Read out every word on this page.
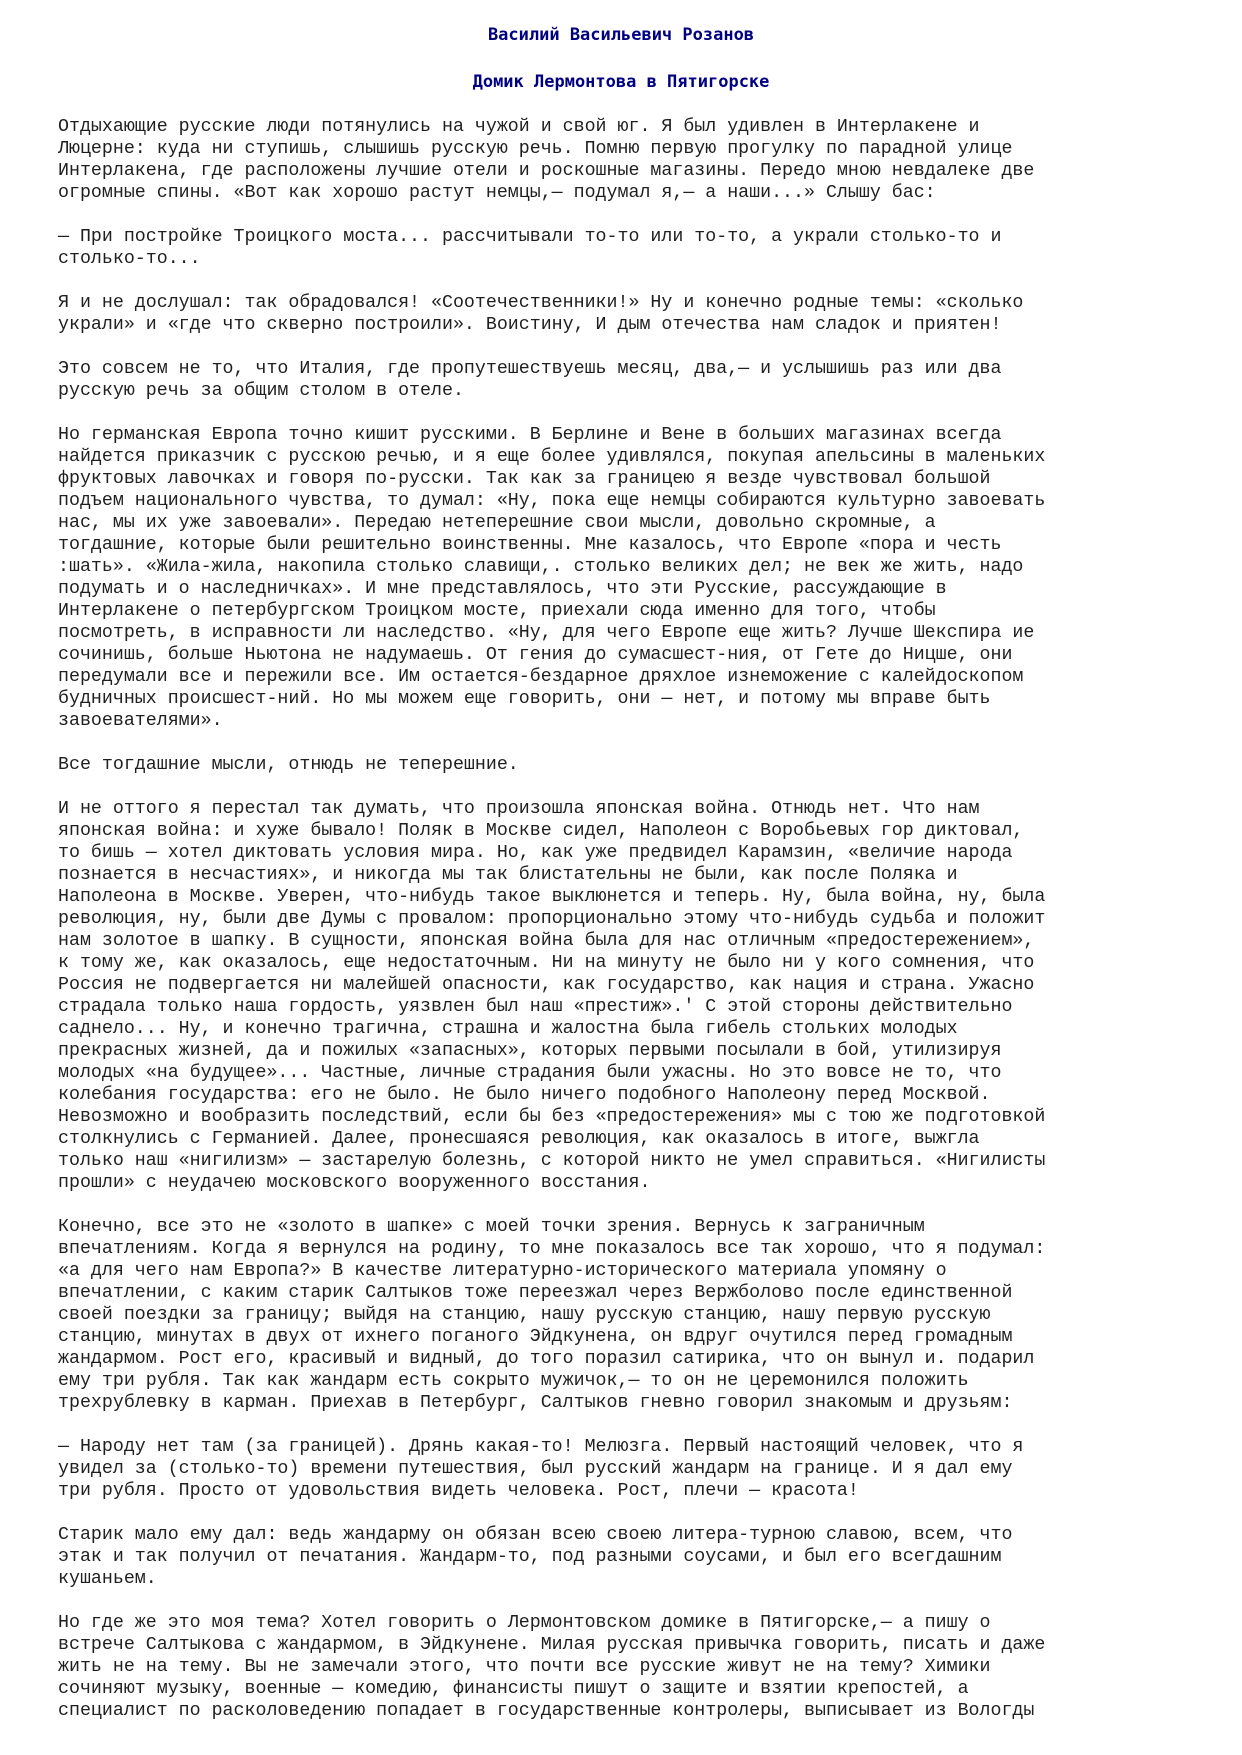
Василий Васильевич Розанов
Домик Лермонтова в Пятигорске

Отдыхающие русские люди потянулись на чужой и свой юг. Я был удивлен в Интерлакене и
Люцерне: куда ни ступишь, слышишь русскую речь. Помню первую прогулку по парадной улице
Интерлакена, где расположены лучшие отели и роскошные магазины. Передо мною невдалеке две
огромные спины. «Вот как хорошо растут немцы,— подумал я,— а наши...» Слышу бас:

— При постройке Троицкого моста... рассчитывали то-то или то-то, а украли столько-то и
столько-то...

Я и не дослушал: так обрадовался! «Соотечественники!» Ну и конечно родные темы: «сколько
украли» и «где что скверно построили». Воистину, И дым отечества нам сладок и приятен!

Это совсем не то, что Италия, где пропутешествуешь месяц, два,— и услышишь раз или два
русскую речь за общим столом в отеле.

Но германская Европа точно кишит русскими. В Берлине и Вене в больших магазинах всегда
найдется приказчик с русскою речью, и я еще более удивлялся, покупая апельсины в маленьких
фруктовых лавочках и говоря по-русски. Так как за границею я везде чувствовал большой
подъем национального чувства, то думал: «Ну, пока еще немцы собираются культурно завоевать
нас, мы их уже завоевали». Передаю нетеперешние свои мысли, довольно скромные, а
тогдашние, которые были решительно воинственны. Мне казалось, что Европе «пора и честь
:шать». «Жила-жила, накопила столько славищи,. столько великих дел; не век же жить, надо
подумать и о наследничках». И мне представлялось, что эти Русские, рассуждающие в
Интерлакене о петербургском Троицком мосте, приехали сюда именно для того, чтобы
посмотреть, в исправности ли наследство. «Ну, для чего Европе еще жить? Лучше Шекспира ие
сочинишь, больше Ньютона не надумаешь. От гения до сумасшест-ния, от Гете до Ницше, они
передумали все и пережили все. Им остается-бездарное дряхлое изнеможение с калейдоскопом
будничных происшест-ний. Но мы можем еще говорить, они — нет, и потому мы вправе быть
завоевателями».

Все тогдашние мысли, отнюдь не теперешние.

И не оттого я перестал так думать, что произошла японская война. Отнюдь нет. Что нам
японская война: и хуже бывало! Поляк в Москве сидел, Наполеон с Воробьевых гор диктовал,
то бишь — хотел диктовать условия мира. Но, как уже предвидел Карамзин, «величие народа
познается в несчастиях», и никогда мы так блистательны не были, как после Поляка и
Наполеона в Москве. Уверен, что-нибудь такое выклюнется и теперь. Ну, была война, ну, была
революция, ну, были две Думы с провалом: пропорционально этому что-нибудь судьба и положит
нам золотое в шапку. В сущности, японская война была для нас отличным «предостережением»,
к тому же, как оказалось, еще недостаточным. Ни на минуту не было ни у кого сомнения, что
Россия не подвергается ни малейшей опасности, как государство, как нация и страна. Ужасно
страдала только наша гордость, уязвлен был наш «престиж».' С этой стороны действительно
саднело... Ну, и конечно трагична, страшна и жалостна была гибель стольких молодых
прекрасных жизней, да и пожилых «запасных», которых первыми посылали в бой, утилизируя
молодых «на будущее»... Частные, личные страдания были ужасны. Но это вовсе не то, что
колебания государства: его не было. Не было ничего подобного Наполеону перед Москвой.
Невозможно и вообразить последствий, если бы без «предостережения» мы с тою же подготовкой
столкнулись с Германией. Далее, пронесшаяся революция, как оказалось в итоге, выжгла
только наш «нигилизм» — застарелую болезнь, с которой никто не умел справиться. «Нигилисты
прошли» с неудачею московского вооруженного восстания.

Конечно, все это не «золото в шапке» с моей точки зрения. Вернусь к заграничным
впечатлениям. Когда я вернулся на родину, то мне показалось все так хорошо, что я подумал:
«а для чего нам Европа?» В качестве литературно-исторического материала упомяну о
впечатлении, с каким старик Салтыков тоже переезжал через Вержболово после единственной
своей поездки за границу; выйдя на станцию, нашу русскую станцию, нашу первую русскую
станцию, минутах в двух от ихнего поганого Эйдкунена, он вдруг очутился перед громадным
жандармом. Рост его, красивый и видный, до того поразил сатирика, что он вынул и. подарил
ему три рубля. Так как жандарм есть сокрыто мужичок,— то он не церемонился положить
трехрублевку в карман. Приехав в Петербург, Салтыков гневно говорил знакомым и друзьям:

— Народу нет там (за границей). Дрянь какая-то! Мелюзга. Первый настоящий человек, что я
увидел за (столько-то) времени путешествия, был русский жандарм на границе. И я дал ему
три рубля. Просто от удовольствия видеть человека. Рост, плечи — красота!

Старик мало ему дал: ведь жандарму он обязан всею своею литера-турною славою, всем, что
этак и так получил от печатания. Жандарм-то, под разными соусами, и был его всегдашним
кушаньем.

Но где же это моя тема? Хотел говорить о Лермонтовском домике в Пятигорске,— а пишу о
встрече Салтыкова с жандармом, в Эйдкунене. Милая русская привычка говорить, писать и даже
жить не на тему. Вы не замечали этого, что почти все русские живут не на тему? Химики
сочиняют музыку, военные — комедию, финансисты пишут о защите и взятии крепостей, а
специалист по расколоведению попадает в государственные контролеры, выписывает из Вологды
